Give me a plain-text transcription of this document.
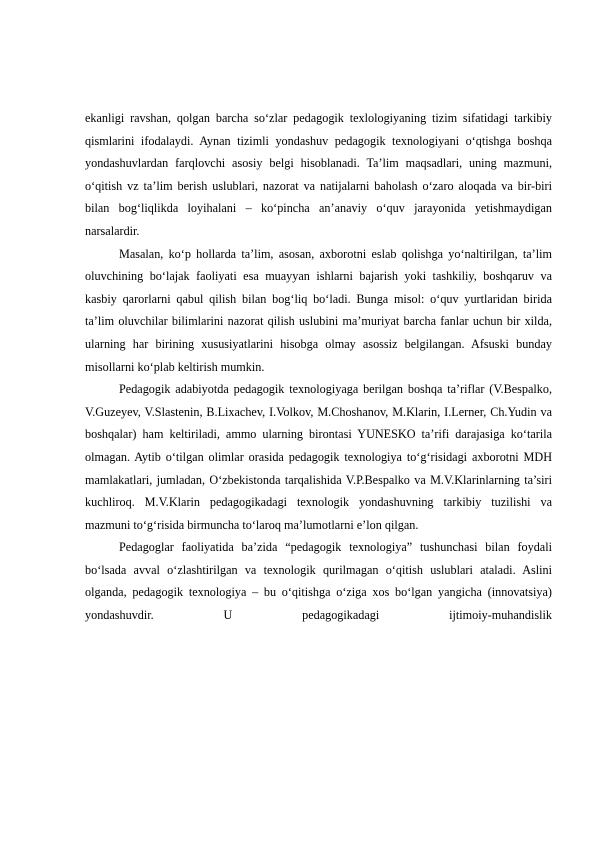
ekanligi ravshan, qolgan barcha so‘zlar pedagogik texlologiyaning tizim sifatidagi tarkibiy qismlarini ifodalaydi. Aynan tizimli yondashuv pedagogik texnologiyani o‘qtishga boshqa yondashuvlardan farqlovchi asosiy belgi hisoblanadi. Ta’lim maqsadlari, uning mazmuni, o‘qitish vz ta’lim berish uslublari, nazorat va natijalarni baholash o‘zaro aloqada va bir-biri bilan bog‘liqlikda loyihalani – ko‘pincha an’anaviy o‘quv jarayonida yetishmaydigan narsalardir.

Masalan, ko‘p hollarda ta’lim, asosan, axborotni eslab qolishga yo‘naltirilgan, ta’lim oluvchining bo‘lajak faoliyati esa muayyan ishlarni bajarish yoki tashkiliy, boshqaruv va kasbiy qarorlarni qabul qilish bilan bog‘liq bo‘ladi. Bunga misol: o‘quv yurtlaridan birida ta’lim oluvchilar bilimlarini nazorat qilish uslubini ma’muriyat barcha fanlar uchun bir xilda, ularning har birining xususiyatlarini hisobga olmay asossiz belgilangan. Afsuski bunday misollarni ko‘plab keltirish mumkin.

Pedagogik adabiyotda pedagogik texnologiyaga berilgan boshqa ta’riflar (V.Bespalko, V.Guzeyev, V.Slastenin, B.Lixachev, I.Volkov, M.Choshanov, M.Klarin, I.Lerner, Ch.Yudin va boshqalar) ham keltiriladi, ammo ularning birontasi YUNESKO ta’rifi darajasiga ko‘tarila olmagan. Aytib o‘tilgan olimlar orasida pedagogik texnologiya to‘g‘risidagi axborotni MDH mamlakatlari, jumladan, O‘zbekistonda tarqalishida V.P.Bespalko va M.V.Klarinlarning ta’siri kuchliroq. M.V.Klarin pedagogikadagi texnologik yondashuvning tarkibiy tuzilishi va mazmuni to‘g‘risida birmuncha to‘laroq ma’lumotlarni e’lon qilgan.

Pedagoglar faoliyatida ba’zida “pedagogik texnologiya” tushunchasi bilan foydali bo‘lsada avval o‘zlashtirilgan va texnologik qurilmagan o‘qitish uslublari ataladi. Aslini olganda, pedagogik texnologiya – bu o‘qitishga o‘ziga xos bo‘lgan yangicha (innovatsiya) yondashuvdir. U pedagogikadagi ijtimoiy-muhandislik
